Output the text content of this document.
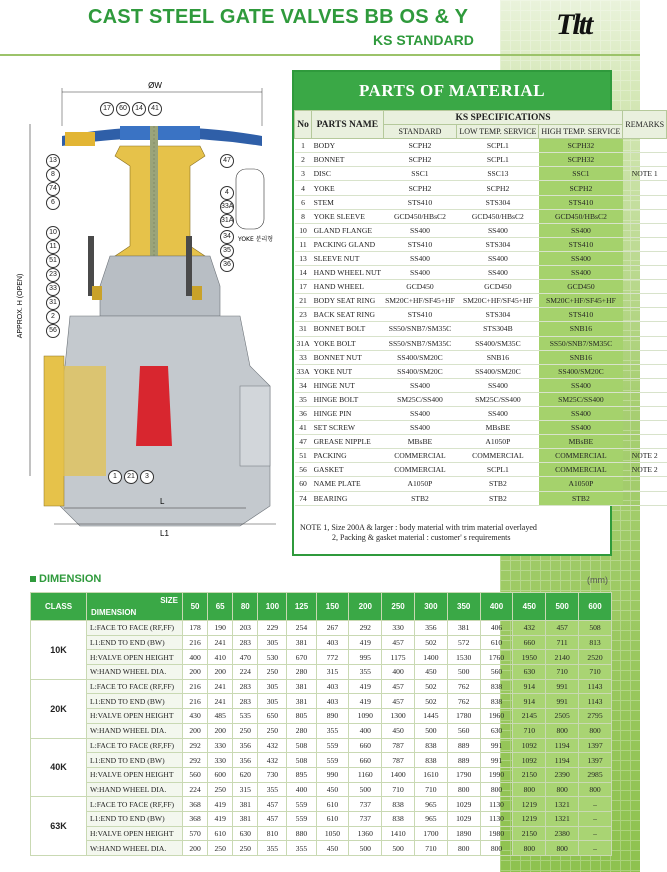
CAST STEEL GATE VALVES BB OS & Y
KS STANDARD	Tltt
ØW
APPROX. H (OPEN)
L
L1
YOKE 분리형
17	60	14	41
13
8
74
6
10
11
51
23
33
31
2
56
47
4
33A
31A
34
35
36
1	21	3
PARTS OF MATERIAL
No	PARTS NAME	KS SPECIFICATIONS			REMARKS
		STANDARD	LOW TEMP. SERVICE	HIGH TEMP. SERVICE	
1	BODY	SCPH2	SCPL1	SCPH32	
2	BONNET	SCPH2	SCPL1	SCPH32	
3	DISC	SSC1	SSC13	SSC1	NOTE 1
4	YOKE	SCPH2	SCPH2	SCPH2	
6	STEM	STS410	STS304	STS410	
8	YOKE SLEEVE	GCD450/HBsC2	GCD450/HBsC2	GCD450/HBsC2	
10	GLAND FLANGE	SS400	SS400	SS400	
11	PACKING GLAND	STS410	STS304	STS410	
13	SLEEVE NUT	SS400	SS400	SS400	
14	HAND WHEEL NUT	SS400	SS400	SS400	
17	HAND WHEEL	GCD450	GCD450	GCD450	
21	BODY SEAT RING	SM20C+HF/SF45+HF	SM20C+HF/SF45+HF	SM20C+HF/SF45+HF	
23	BACK SEAT RING	STS410	STS304	STS410	
31	BONNET BOLT	SS50/SNB7/SM35C	STS304B	SNB16	
31A	YOKE BOLT	SS50/SNB7/SM35C	SS400/SM35C	SS50/SNB7/SM35C	
33	BONNET NUT	SS400/SM20C	SNB16	SNB16	
33A	YOKE NUT	SS400/SM20C	SS400/SM20C	SS400/SM20C	
34	HINGE NUT	SS400	SS400	SS400	
35	HINGE BOLT	SM25C/SS400	SM25C/SS400	SM25C/SS400	
36	HINGE PIN	SS400	SS400	SS400	
41	SET SCREW	SS400	MBsBE	SS400	
47	GREASE NIPPLE	MBsBE	A1050P	MBsBE	
51	PACKING	COMMERCIAL	COMMERCIAL	COMMERCIAL	NOTE 2
56	GASKET	COMMERCIAL	SCPL1	COMMERCIAL	NOTE 2
60	NAME PLATE	A1050P	STB2	A1050P	
74	BEARING	STB2	STB2	STB2	
NOTE 1, Size 200A & larger : body material with trim material overlayed
2, Packing & gasket material : customer' s requirements
DIMENSION	(mm)
CLASS	SIZE
DIMENSION	50	65	80	100	125	150	200	250	300	350	400	450	500	600
10K	L:FACE TO FACE (RF,FF)	178	190	203	229	254	267	292	330	356	381	406	432	457	508
	L1:END TO END (BW)	216	241	283	305	381	403	419	457	502	572	610	660	711	813
	H:VALVE OPEN HEIGHT	400	410	470	530	670	772	995	1175	1400	1530	1760	1950	2140	2520
	W:HAND WHEEL DIA.	200	200	224	250	280	315	355	400	450	500	560	630	710	710
20K	L:FACE TO FACE (RF,FF)	216	241	283	305	381	403	419	457	502	762	838	914	991	1143
	L1:END TO END (BW)	216	241	283	305	381	403	419	457	502	762	838	914	991	1143
	H:VALVE OPEN HEIGHT	430	485	535	650	805	890	1090	1300	1445	1780	1960	2145	2505	2795
	W:HAND WHEEL DIA.	200	200	250	250	280	355	400	450	500	560	630	710	800	800
40K	L:FACE TO FACE (RF,FF)	292	330	356	432	508	559	660	787	838	889	991	1092	1194	1397
	L1:END TO END (BW)	292	330	356	432	508	559	660	787	838	889	991	1092	1194	1397
	H:VALVE OPEN HEIGHT	560	600	620	730	895	990	1160	1400	1610	1790	1990	2150	2390	2985
	W:HAND WHEEL DIA.	224	250	315	355	400	450	500	710	710	800	800	800	800	800
63K	L:FACE TO FACE (RF,FF)	368	419	381	457	559	610	737	838	965	1029	1130	1219	1321	–
	L1:END TO END (BW)	368	419	381	457	559	610	737	838	965	1029	1130	1219	1321	–
	H:VALVE OPEN HEIGHT	570	610	630	810	880	1050	1360	1410	1700	1890	1980	2150	2380	–
	W:HAND WHEEL DIA.	200	250	250	355	355	450	500	500	710	800	800	800	800	–
